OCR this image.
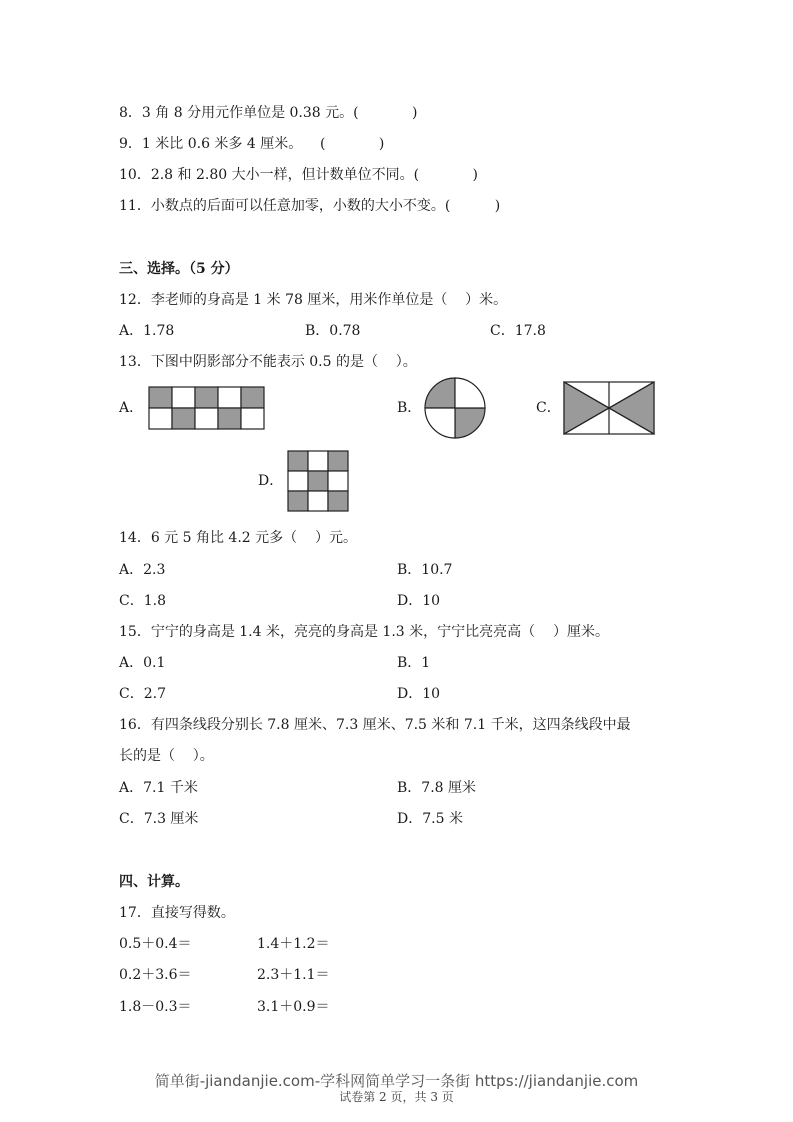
8．3 角 8 分用元作单位是 0.38 元。(            )
9．1 米比 0.6 米多 4 厘米。    (            )
10．2.8 和 2.80 大小一样，但计数单位不同。(            )
11．小数点的后面可以任意加零，小数的大小不变。(          )
三、选择。（5 分）
12．李老师的身高是 1 米 78 厘米，用米作单位是（    ）米。
A．1.78	B．0.78	C．17.8
13．下图中阴影部分不能表示 0.5 的是（    ）。
A．	B．	C．
D．
14．6 元 5 角比 4.2 元多（    ）元。
A．2.3	B．10.7
C．1.8	D．10
15．宁宁的身高是 1.4 米，亮亮的身高是 1.3 米，宁宁比亮亮高（    ）厘米。
A．0.1	B．1
C．2.7	D．10
16．有四条线段分别长 7.8 厘米、7.3 厘米、7.5 米和 7.1 千米，这四条线段中最
长的是（    ）。
A．7.1 千米	B．7.8 厘米
C．7.3 厘米	D．7.5 米
四、计算。
17．直接写得数。
0.5＋0.4＝	1.4＋1.2＝
0.2＋3.6＝	2.3＋1.1＝
1.8－0.3＝	3.1＋0.9＝
试卷第 2 页，共 3 页
简单街-jiandanjie.com-学科网简单学习一条街 https://jiandanjie.com
